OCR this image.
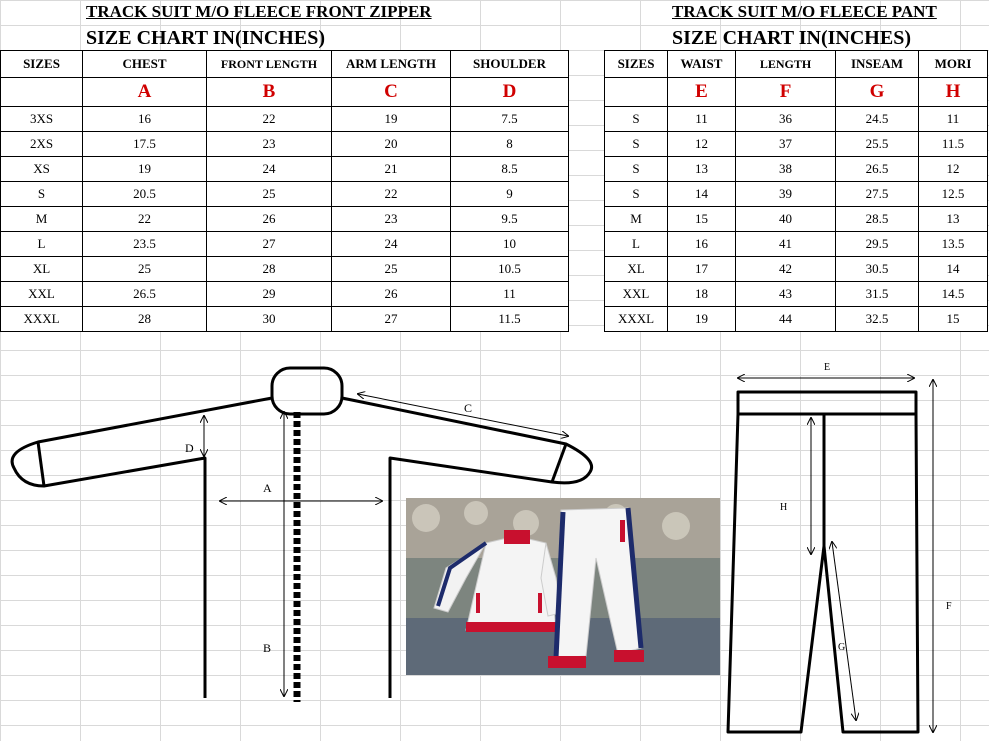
TRACK SUIT M/O FLEECE FRONT ZIPPER
SIZE CHART IN(INCHES)
TRACK SUIT M/O FLEECE PANT
SIZE CHART IN(INCHES)
SIZES	CHEST	FRONT LENGTH	ARM LENGTH	SHOULDER
	A	B	C	D
3XS	16	22	19	7.5
2XS	17.5	23	20	8
XS	19	24	21	8.5
S	20.5	25	22	9
M	22	26	23	9.5
L	23.5	27	24	10
XL	25	28	25	10.5
XXL	26.5	29	26	11
XXXL	28	30	27	11.5
SIZES	WAIST	LENGTH	INSEAM	MORI
	E	F	G	H
S	11	36	24.5	11
S	12	37	25.5	11.5
S	13	38	26.5	12
S	14	39	27.5	12.5
M	15	40	28.5	13
L	16	41	29.5	13.5
XL	17	42	30.5	14
XXL	18	43	31.5	14.5
XXXL	19	44	32.5	15
A
B
C
D
E
F
G
H
